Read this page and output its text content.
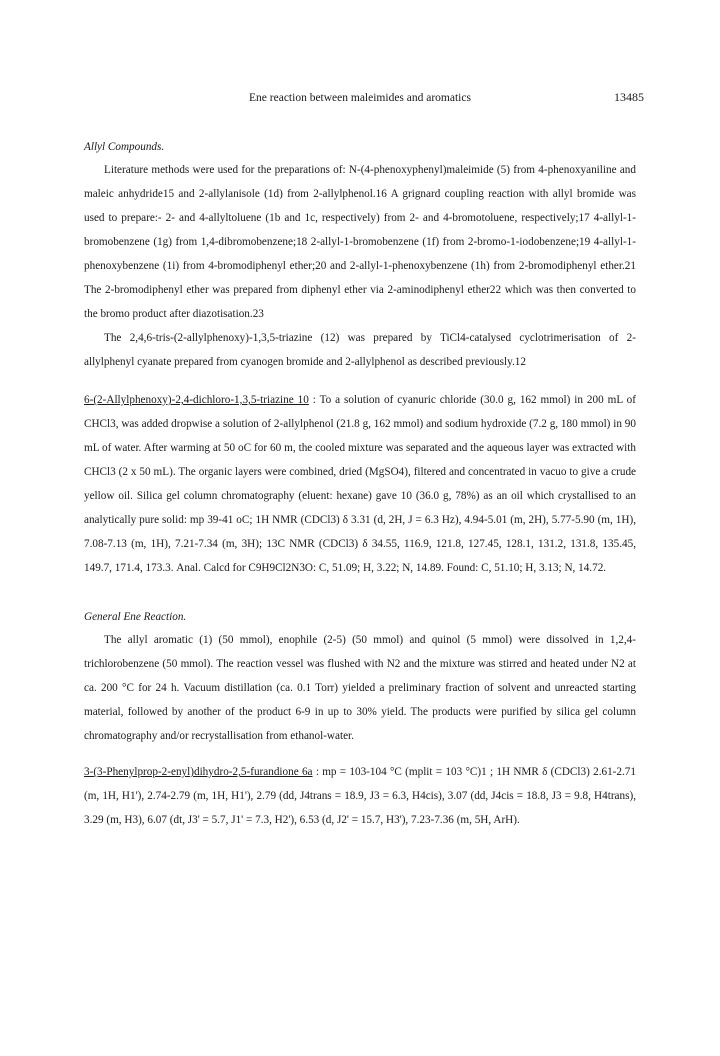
Ene reaction between maleimides and aromatics	13485
Allyl Compounds.

Literature methods were used for the preparations of: N-(4-phenoxyphenyl)maleimide (5) from 4-phenoxyaniline and maleic anhydride15 and 2-allylanisole (1d) from 2-allylphenol.16 A grignard coupling reaction with allyl bromide was used to prepare:- 2- and 4-allyltoluene (1b and 1c, respectively) from 2- and 4-bromotoluene, respectively;17 4-allyl-1-bromobenzene (1g) from 1,4-dibromobenzene;18 2-allyl-1-bromobenzene (1f) from 2-bromo-1-iodobenzene;19 4-allyl-1-phenoxybenzene (1i) from 4-bromodiphenyl ether;20 and 2-allyl-1-phenoxybenzene (1h) from 2-bromodiphenyl ether.21 The 2-bromodiphenyl ether was prepared from diphenyl ether via 2-aminodiphenyl ether22 which was then converted to the bromo product after diazotisation.23

The 2,4,6-tris-(2-allylphenoxy)-1,3,5-triazine (12) was prepared by TiCl4-catalysed cyclotrimerisation of 2-allylphenyl cyanate prepared from cyanogen bromide and 2-allylphenol as described previously.12

6-(2-Allylphenoxy)-2,4-dichloro-1,3,5-triazine 10 : To a solution of cyanuric chloride (30.0 g, 162 mmol) in 200 mL of CHCl3, was added dropwise a solution of 2-allylphenol (21.8 g, 162 mmol) and sodium hydroxide (7.2 g, 180 mmol) in 90 mL of water. After warming at 50 oC for 60 m, the cooled mixture was separated and the aqueous layer was extracted with CHCl3 (2 x 50 mL). The organic layers were combined, dried (MgSO4), filtered and concentrated in vacuo to give a crude yellow oil. Silica gel column chromatography (eluent: hexane) gave 10 (36.0 g, 78%) as an oil which crystallised to an analytically pure solid: mp 39-41 oC; 1H NMR (CDCl3) δ 3.31 (d, 2H, J = 6.3 Hz), 4.94-5.01 (m, 2H), 5.77-5.90 (m, 1H), 7.08-7.13 (m, 1H), 7.21-7.34 (m, 3H); 13C NMR (CDCl3) δ 34.55, 116.9, 121.8, 127.45, 128.1, 131.2, 131.8, 135.45, 149.7, 171.4, 173.3. Anal. Calcd for C9H9Cl2N3O: C, 51.09; H, 3.22; N, 14.89. Found: C, 51.10; H, 3.13; N, 14.72.

General Ene Reaction.

The allyl aromatic (1) (50 mmol), enophile (2-5) (50 mmol) and quinol (5 mmol) were dissolved in 1,2,4-trichlorobenzene (50 mmol). The reaction vessel was flushed with N2 and the mixture was stirred and heated under N2 at ca. 200 °C for 24 h. Vacuum distillation (ca. 0.1 Torr) yielded a preliminary fraction of solvent and unreacted starting material, followed by another of the product 6-9 in up to 30% yield. The products were purified by silica gel column chromatography and/or recrystallisation from ethanol-water.

3-(3-Phenylprop-2-enyl)dihydro-2,5-furandione 6a : mp = 103-104 °C (mplit = 103 °C)1 ; 1H NMR δ (CDCl3) 2.61-2.71 (m, 1H, H1'), 2.74-2.79 (m, 1H, H1'), 2.79 (dd, J4trans = 18.9, J3 = 6.3, H4cis), 3.07 (dd, J4cis = 18.8, J3 = 9.8, H4trans), 3.29 (m, H3), 6.07 (dt, J3' = 5.7, J1' = 7.3, H2'), 6.53 (d, J2' = 15.7, H3'), 7.23-7.36 (m, 5H, ArH).
